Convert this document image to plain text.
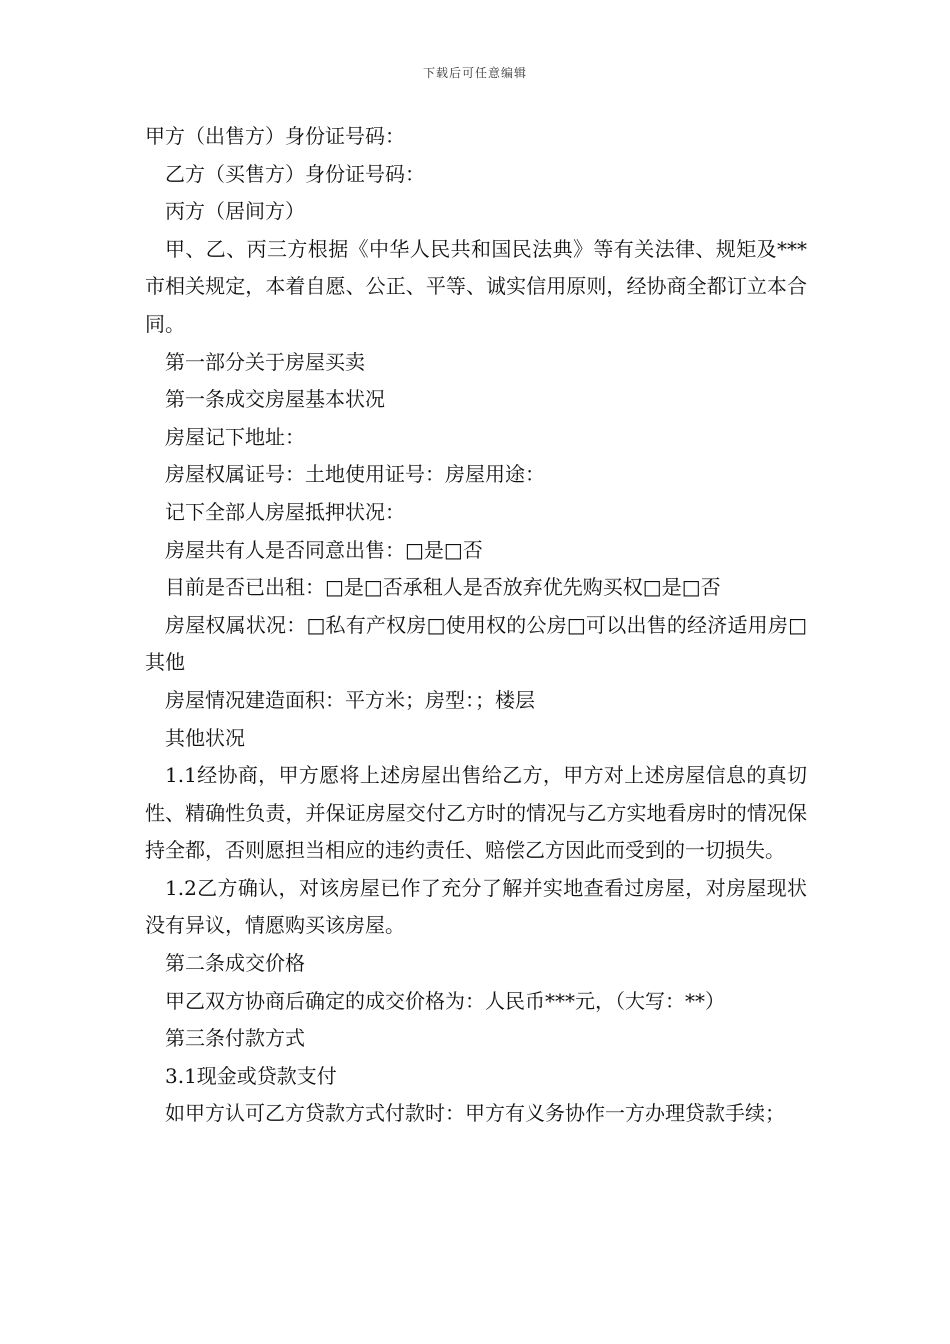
下载后可任意编辑

甲方（出售方）身份证号码：

乙方（买售方）身份证号码：

丙方（居间方）

甲、乙、丙三方根据《中华人民共和国民法典》等有关法律、规矩及***市相关规定，本着自愿、公正、平等、诚实信用原则，经协商全都订立本合同。

第一部分关于房屋买卖

第一条成交房屋基本状况

房屋记下地址：

房屋权属证号：土地使用证号：房屋用途：

记下全部人房屋抵押状况：

房屋共有人是否同意出售：□是□否

目前是否已出租：□是□否承租人是否放弃优先购买权□是□否

房屋权属状况：□私有产权房□使用权的公房□可以出售的经济适用房□其他

房屋情况建造面积：平方米；房型：；楼层

其他状况

1.1经协商，甲方愿将上述房屋出售给乙方，甲方对上述房屋信息的真切性、精确性负责，并保证房屋交付乙方时的情况与乙方实地看房时的情况保持全都，否则愿担当相应的违约责任、赔偿乙方因此而受到的一切损失。

1.2乙方确认，对该房屋已作了充分了解并实地查看过房屋，对房屋现状没有异议，情愿购买该房屋。

第二条成交价格

甲乙双方协商后确定的成交价格为：人民币***元，（大写：**）

第三条付款方式

3.1现金或贷款支付

如甲方认可乙方贷款方式付款时：甲方有义务协作一方办理贷款手续；
